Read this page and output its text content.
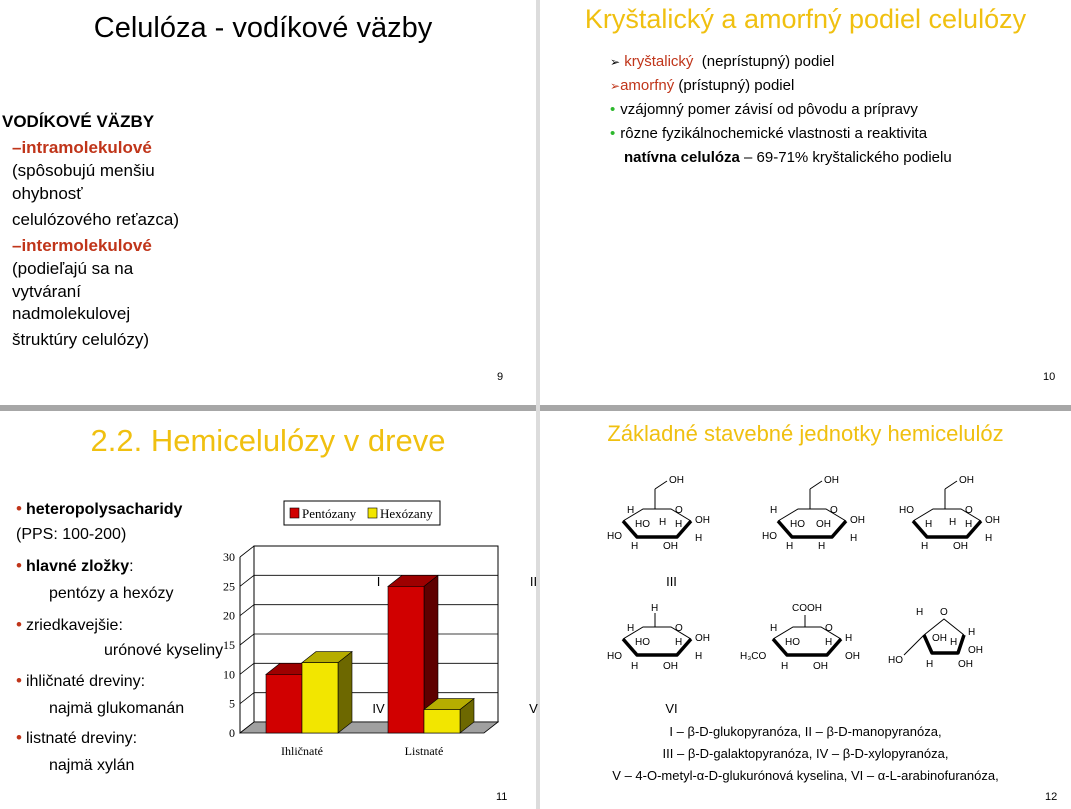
Celulóza - vodíkové väzby
VODÍKOVÉ VÄZBY
–intramolekulové
(spôsobujú menšiu
ohybnosť
celulózového reťazca)
–intermolekulové
(podieľajú sa na
vytváraní
nadmolekulovej
štruktúry celulózy)
9
Kryštalický a amorfný podiel celulózy
➢ kryštalický  (neprístupný) podiel
➢amorfný (prístupný) podiel
• vzájomný pomer závisí od pôvodu a prípravy
• rôzne fyzikálnochemické vlastnosti a reaktivita
natívna celulóza – 69-71% kryštalického podielu
10
2.2. Hemicelulózy v dreve
• heteropolysacharidy
(PPS: 100-200)
• hlavné zložky:
pentózy a hexózy
• zriedkavejšie:
urónové kyseliny
• ihličnaté dreviny:
najmä glukomanán
• listnaté dreviny:
najmä xylán
0
5
10
15
20
25
30
Ihličnaté	Listnaté
Pentózany Hexózany
11
Základné stavebné jednotky hemicelulóz
OH
O
OH
HO
H
H
H
H OH
HO H
OH
O
OH
HO
H
OH
H
H H
HO
OH
O
OH
HO
H
H
H OH
H H
H
O
OH
HO
H
H
H
H OH
HO
COOH
O
H
H₃CO
H
H
OH
H OH
HO
O
H
H
HO
OH H
OH
H OH
I	II	III
IV	V	VI
I – β-D-glukopyranóza, II – β-D-manopyranóza,
III – β-D-galaktopyranóza, IV – β-D-xylopyranóza,
V – 4-O-metyl-α-D-glukurónová kyselina, VI – α-L-arabinofuranóza,
12
